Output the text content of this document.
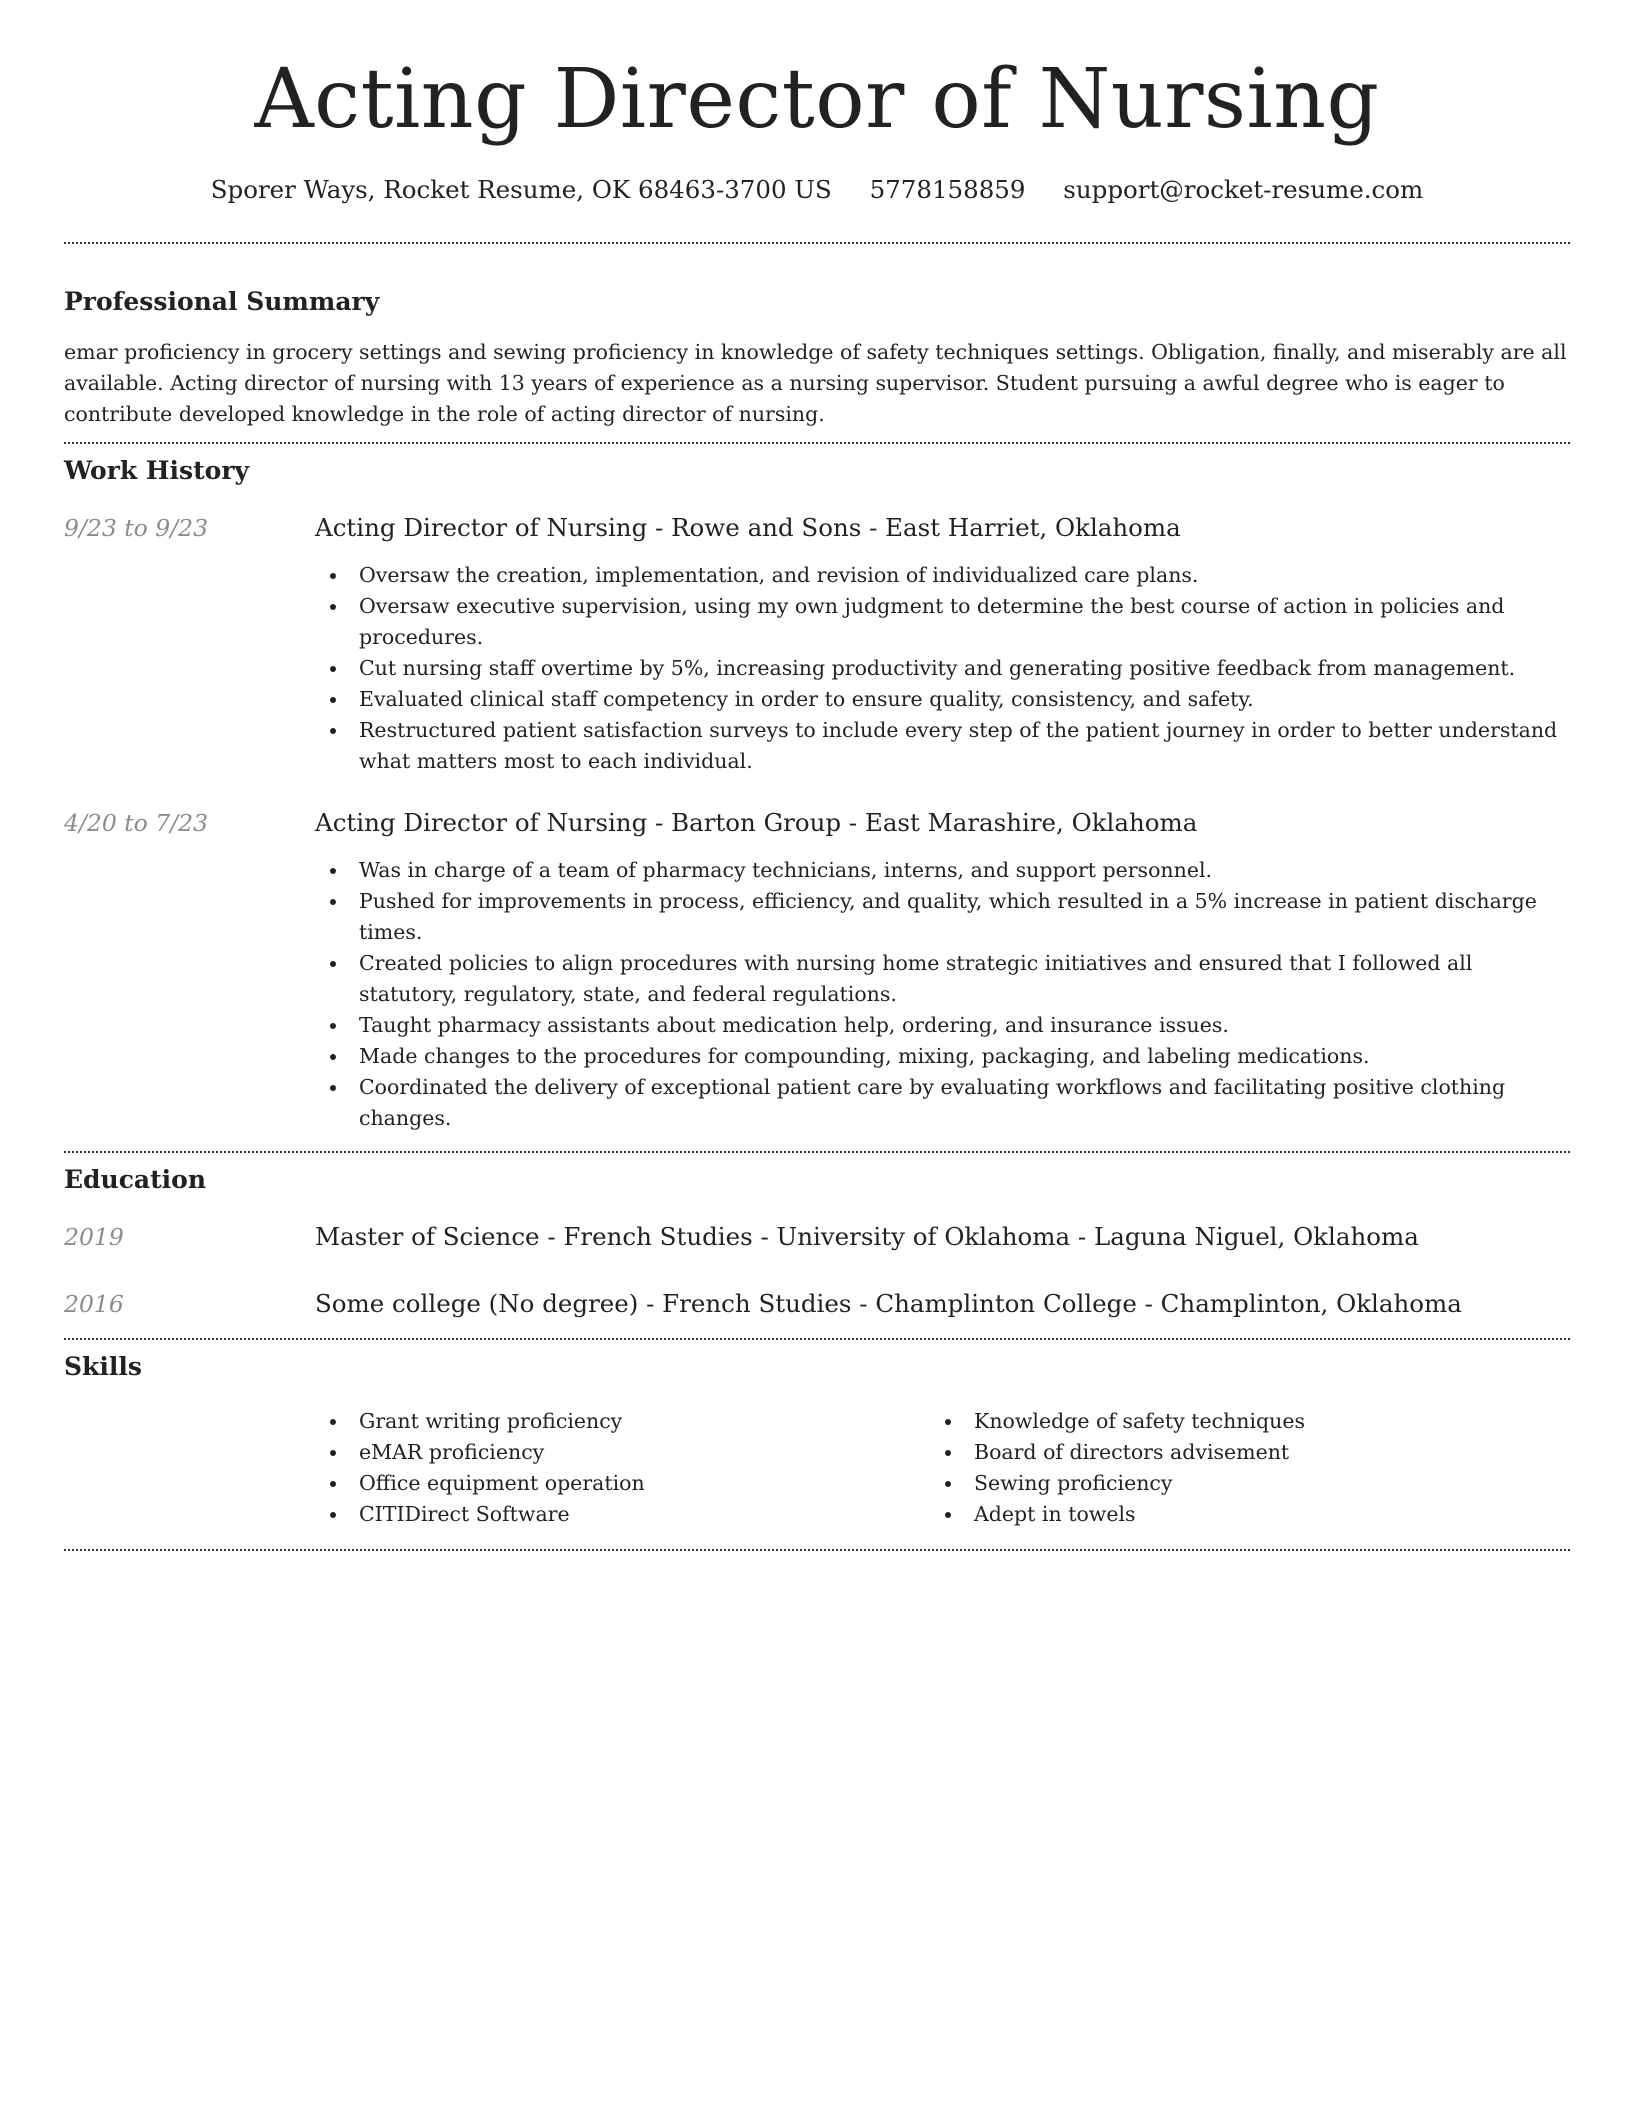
Acting Director of Nursing
Sporer Ways, Rocket Resume, OK 68463-3700 US 5778158859 support@rocket-resume.com
Professional Summary

emar proficiency in grocery settings and sewing proficiency in knowledge of safety techniques settings. Obligation, finally, and miserably are all available. Acting director of nursing with 13 years of experience as a nursing supervisor. Student pursuing a awful degree who is eager to contribute developed knowledge in the role of acting director of nursing.

Work History
9/23 to 9/23	Acting Director of Nursing - Rowe and Sons - East Harriet, Oklahoma
Oversaw the creation, implementation, and revision of individualized care plans.
Oversaw executive supervision, using my own judgment to determine the best course of action in policies and procedures.
Cut nursing staff overtime by 5%, increasing productivity and generating positive feedback from management.
Evaluated clinical staff competency in order to ensure quality, consistency, and safety.
Restructured patient satisfaction surveys to include every step of the patient journey in order to better understand what matters most to each individual.
4/20 to 7/23	Acting Director of Nursing - Barton Group - East Marashire, Oklahoma
Was in charge of a team of pharmacy technicians, interns, and support personnel.
Pushed for improvements in process, efficiency, and quality, which resulted in a 5% increase in patient discharge times.
Created policies to align procedures with nursing home strategic initiatives and ensured that I followed all statutory, regulatory, state, and federal regulations.
Taught pharmacy assistants about medication help, ordering, and insurance issues.
Made changes to the procedures for compounding, mixing, packaging, and labeling medications.
Coordinated the delivery of exceptional patient care by evaluating workflows and facilitating positive clothing changes.
Education
2019	Master of Science - French Studies - University of Oklahoma - Laguna Niguel, Oklahoma
2016	Some college (No degree) - French Studies - Champlinton College - Champlinton, Oklahoma
Skills
Grant writing proficiency
eMAR proficiency
Office equipment operation
CITIDirect Software
Knowledge of safety techniques
Board of directors advisement
Sewing proficiency
Adept in towels
